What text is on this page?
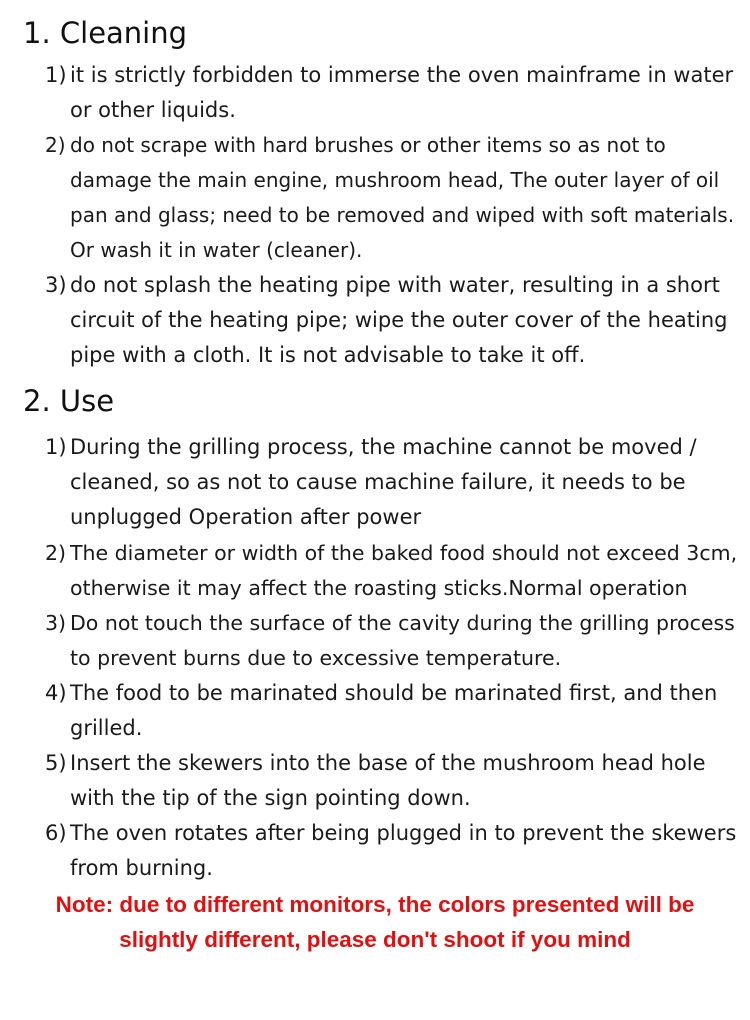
1. Cleaning
1) it is strictly forbidden to immerse the oven mainframe in water
or other liquids.
2) do not scrape with hard brushes or other items so as not to
damage the main engine, mushroom head, The outer layer of oil
pan and glass; need to be removed and wiped with soft materials.
Or wash it in water (cleaner).
3) do not splash the heating pipe with water, resulting in a short
circuit of the heating pipe; wipe the outer cover of the heating
pipe with a cloth. It is not advisable to take it off.
2. Use
1) During the grilling process, the machine cannot be moved /
cleaned, so as not to cause machine failure, it needs to be
unplugged Operation after power
2) The diameter or width of the baked food should not exceed 3cm,
otherwise it may affect the roasting sticks.Normal operation
3) Do not touch the surface of the cavity during the grilling process
to prevent burns due to excessive temperature.
4) The food to be marinated should be marinated first, and then
grilled.
5) Insert the skewers into the base of the mushroom head hole
with the tip of the sign pointing down.
6) The oven rotates after being plugged in to prevent the skewers
from burning.
Note: due to different monitors, the colors presented will be
slightly different, please don't shoot if you mind
